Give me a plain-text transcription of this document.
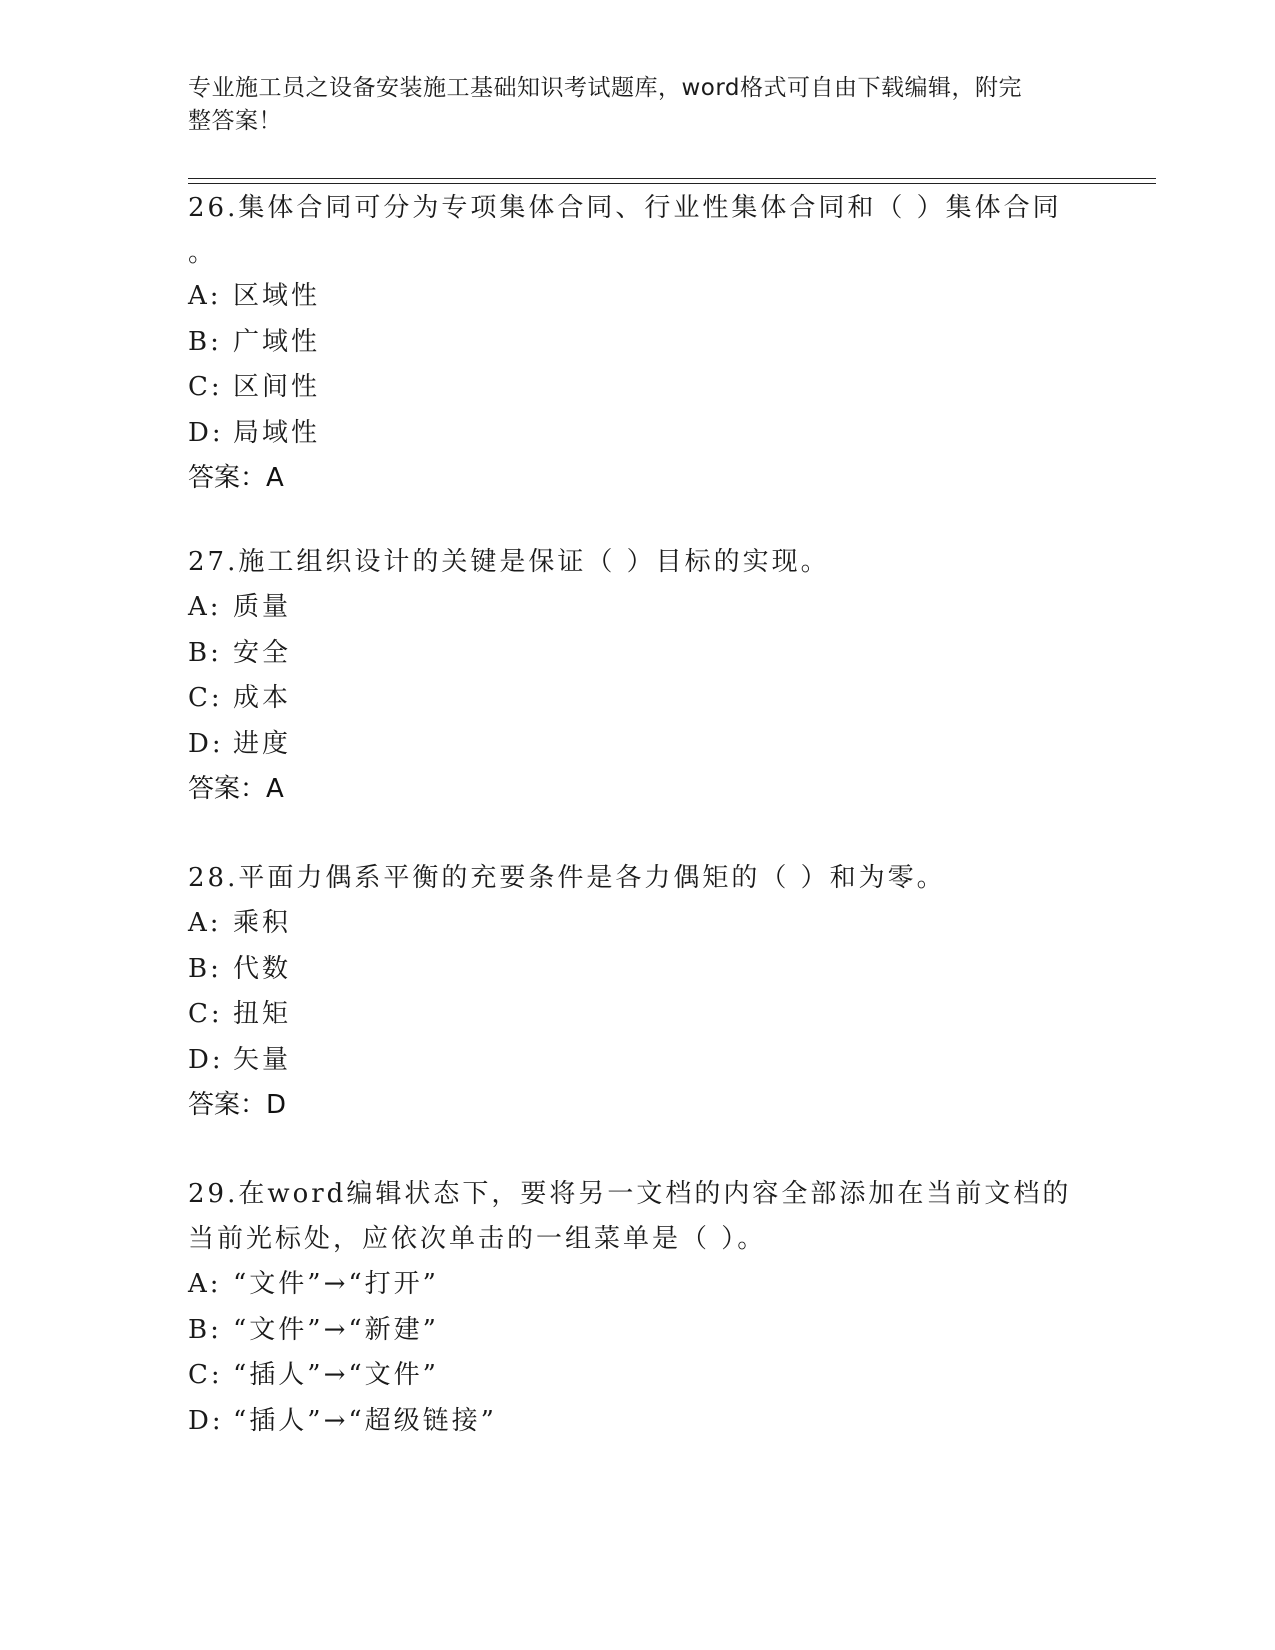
专业施工员之设备安装施工基础知识考试题库，word格式可自由下载编辑，附完
整答案！
26.集体合同可分为专项集体合同、行业性集体合同和（ ）集体合同
。
A: 区域性
B: 广域性
C: 区间性
D: 局域性
答案：A
27.施工组织设计的关键是保证（ ）目标的实现。
A: 质量
B: 安全
C: 成本
D: 进度
答案：A
28.平面力偶系平衡的充要条件是各力偶矩的（ ）和为零。
A: 乘积
B: 代数
C: 扭矩
D: 矢量
答案：D
29.在word编辑状态下，要将另一文档的内容全部添加在当前文档的
当前光标处，应依次单击的一组菜单是（ ）。
A: “文件”→“打开”
B: “文件”→“新建”
C: “插人”→“文件”
D: “插人”→“超级链接”
